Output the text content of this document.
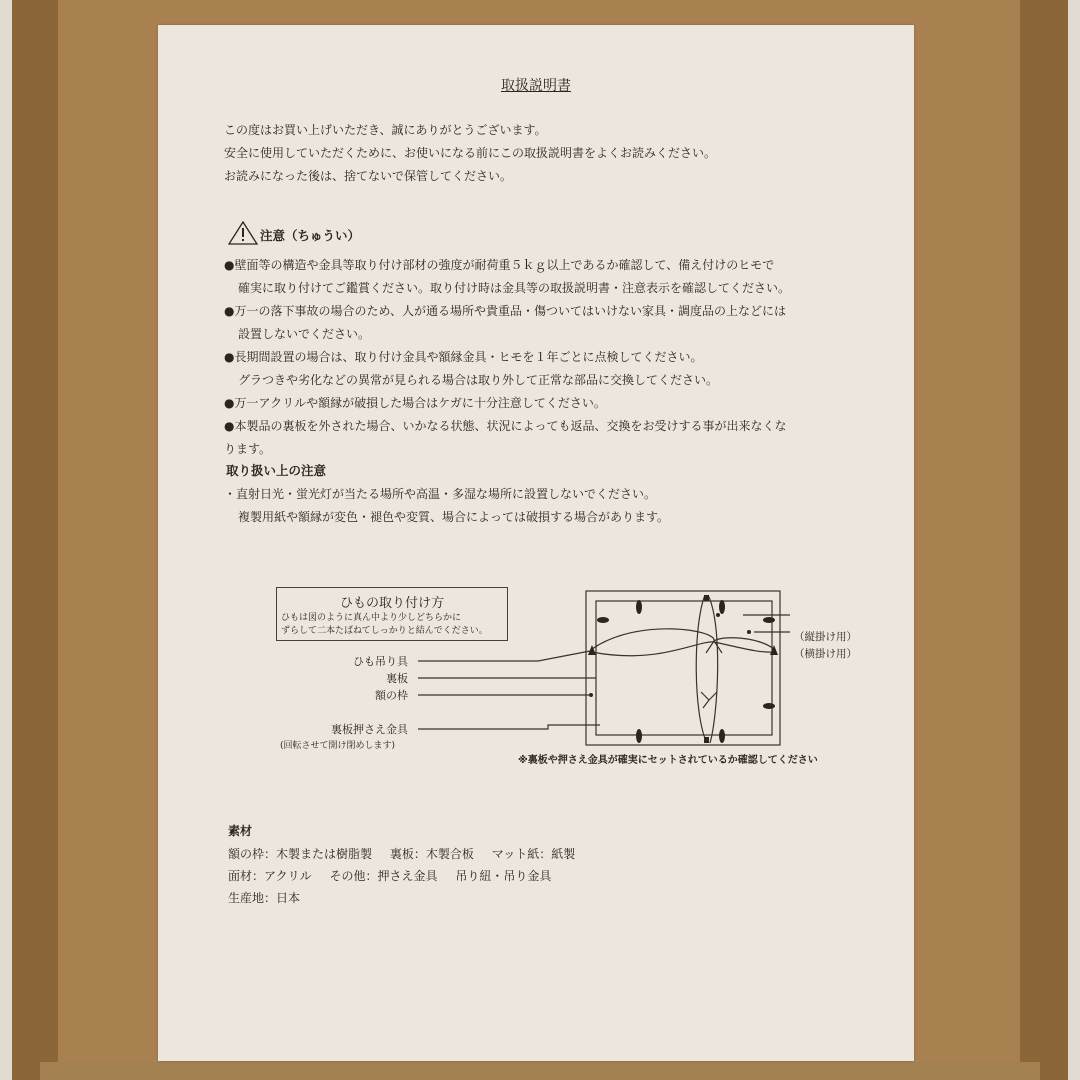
取扱説明書
この度はお買い上げいただき、誠にありがとうございます。
安全に使用していただくために、お使いになる前にこの取扱説明書をよくお読みください。
お読みになった後は、捨てないで保管してください。
注意（ちゅうい）
●壁面等の構造や金具等取り付け部材の強度が耐荷重５ｋｇ以上であるか確認して、備え付けのヒモで
確実に取り付けてご鑑賞ください。取り付け時は金具等の取扱説明書・注意表示を確認してください。
●万一の落下事故の場合のため、人が通る場所や貴重品・傷ついてはいけない家具・調度品の上などには
設置しないでください。
●長期間設置の場合は、取り付け金具や額縁金具・ヒモを１年ごとに点検してください。
グラつきや劣化などの異常が見られる場合は取り外して正常な部品に交換してください。
●万一アクリルや額縁が破損した場合はケガに十分注意してください。
●本製品の裏板を外された場合、いかなる状態、状況によっても返品、交換をお受けする事が出来なくな
ります。
取り扱い上の注意
・直射日光・蛍光灯が当たる場所や高温・多湿な場所に設置しないでください。
複製用紙や額縁が変色・褪色や変質、場合によっては破損する場合があります。
ひもの取り付け方
ひもは図のように真ん中より少しどちらかに
ずらして二本たばねてしっかりと結んでください。
ひも吊り具
裏板
額の枠
裏板押さえ金具
(回転させて開け閉めします)
（縦掛け用）
（横掛け用）
※裏板や押さえ金具が確実にセットされているか確認してください
素材
額の枠：木製または樹脂製 裏板：木製合板 マット紙：紙製
面材：アクリル その他：押さえ金具 吊り紐・吊り金具
生産地：日本
